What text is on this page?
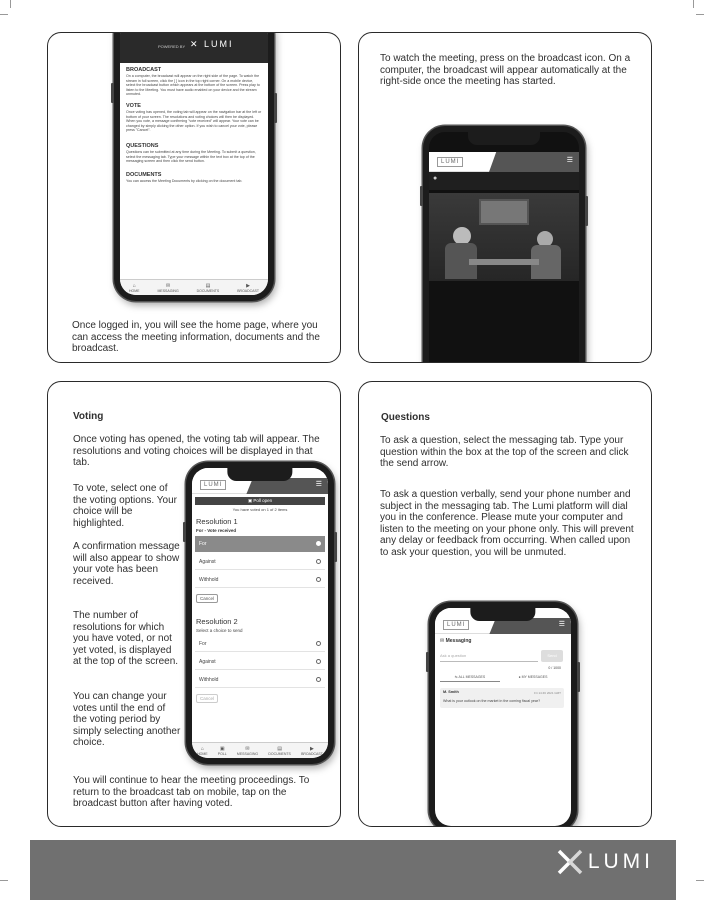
POWERED BY ✕ LUMI
BROADCAST
On a computer, the broadcast will appear on the right side of the page. To watch the stream in full screen, click the [ ] icon in the top right corner. On a mobile device, select the broadcast button which appears at the bottom of the screen. Press play to listen to the Meeting. You must have audio enabled on your device and the stream unmuted.
VOTE
Once voting has opened, the voting tab will appear on the navigation bar at the left or bottom of your screen. The resolutions and voting choices will then be displayed. When you vote, a message confirming "vote received" will appear. Your vote can be changed by simply clicking the other option. If you wish to cancel your vote, please press "Cancel".
QUESTIONS
Questions can be submitted at any time during the Meeting. To submit a question, select the messaging tab. Type your message within the text box at the top of the messaging screen and then click the send button.
DOCUMENTS
You can access the Meeting Documents by clicking on the document tab.
⌂
HOME
✉
MESSAGING
▤
DOCUMENTS
▶
BROADCAST
Once logged in, you will see the home page, where you can access the meeting information, documents and the broadcast.
To watch the meeting, press on the broadcast icon. On a computer, the broadcast will appear automatically at the right-side once the meeting has started.
LUMI	☰
●
Voting
Once voting has opened, the voting tab will appear. The resolutions and voting choices will be displayed in that tab.
To vote, select one of the voting options. Your choice will be highlighted.
A confirmation message will also appear to show your vote has been received.
The number of resolutions for which you have voted, or not yet voted, is displayed at the top of the screen.
You can change your votes until the end of the voting period by simply selecting another choice.
You will continue to hear the meeting proceedings. To return to the broadcast tab on mobile, tap on the broadcast button after having voted.
LUMI	☰
▣ Poll open
You have voted on 1 of 2 items
Resolution 1
For - Vote received
For
Against
Withhold
Cancel
Resolution 2
Select a choice to send
For
Against
Withhold
Cancel
⌂
HOME
▣
POLL
✉
MESSAGING
▤
DOCUMENTS
▶
BROADCAST
Questions
To ask a question, select the messaging tab. Type your question within the box at the top of the screen and click the send arrow.
To ask a question verbally, send your phone number and subject in the messaging tab. The Lumi platform will dial you in the conference. Please mute your computer and listen to the meeting on your phone only. This will prevent any delay or feedback from occurring. When called upon to ask your question, you will be unmuted.
LUMI	☰
✉ Messaging
Ask a question	Send
0 / 1000
⇆ ALL MESSAGES	● MY MESSAGES
M. Smith	Fri 14:46 2021 GMT
What is your outlook on the market in the coming fiscal year?
LUMI
